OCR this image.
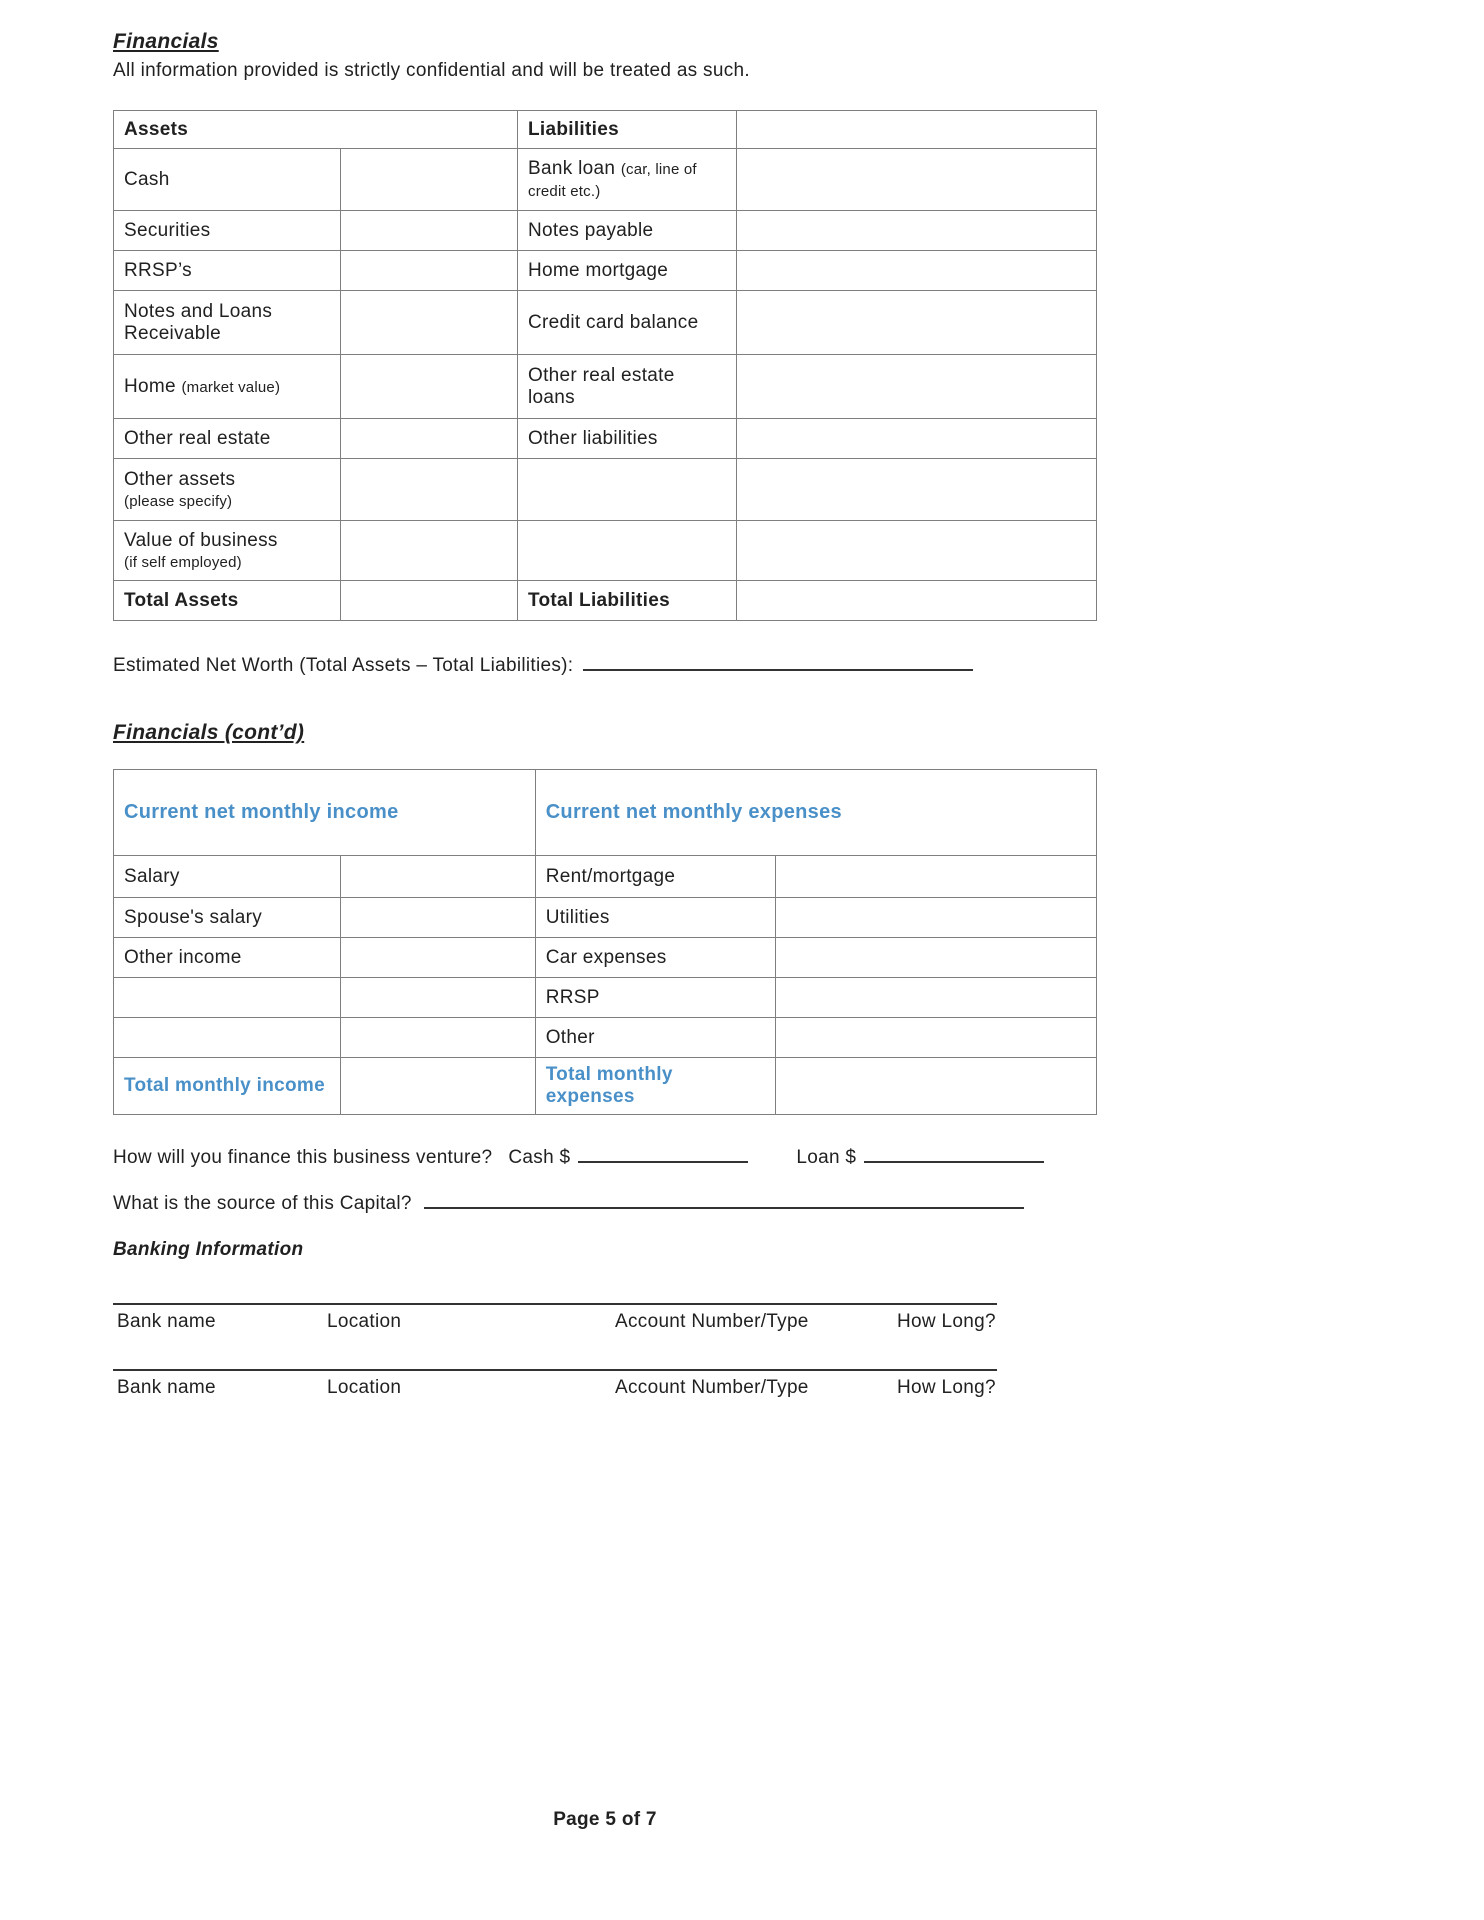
Financials
All information provided is strictly confidential and will be treated as such.
Assets		Liabilities	
Cash		Bank loan (car, line of credit etc.)	
Securities		Notes payable	
RRSP’s		Home mortgage	
Notes and Loans Receivable		Credit card balance	
Home (market value)		Other real estate loans	
Other real estate		Other liabilities	
Other assets
(please specify)			

Value of business
(if self employed)			

Total Assets		Total Liabilities	
Estimated Net Worth (Total Assets – Total Liabilities):
Financials (cont’d)
Current net monthly income		Current net monthly expenses	
Salary		Rent/mortgage	
Spouse's salary		Utilities	
Other income		Car expenses	
		RRSP	
		Other	
Total monthly income		Total monthly expenses	
How will you finance this business venture? Cash $	Loan $
What is the source of this Capital?
Banking Information
Bank name	Location	Account Number/Type	How Long?
Bank name	Location	Account Number/Type	How Long?
Page 5 of 7
